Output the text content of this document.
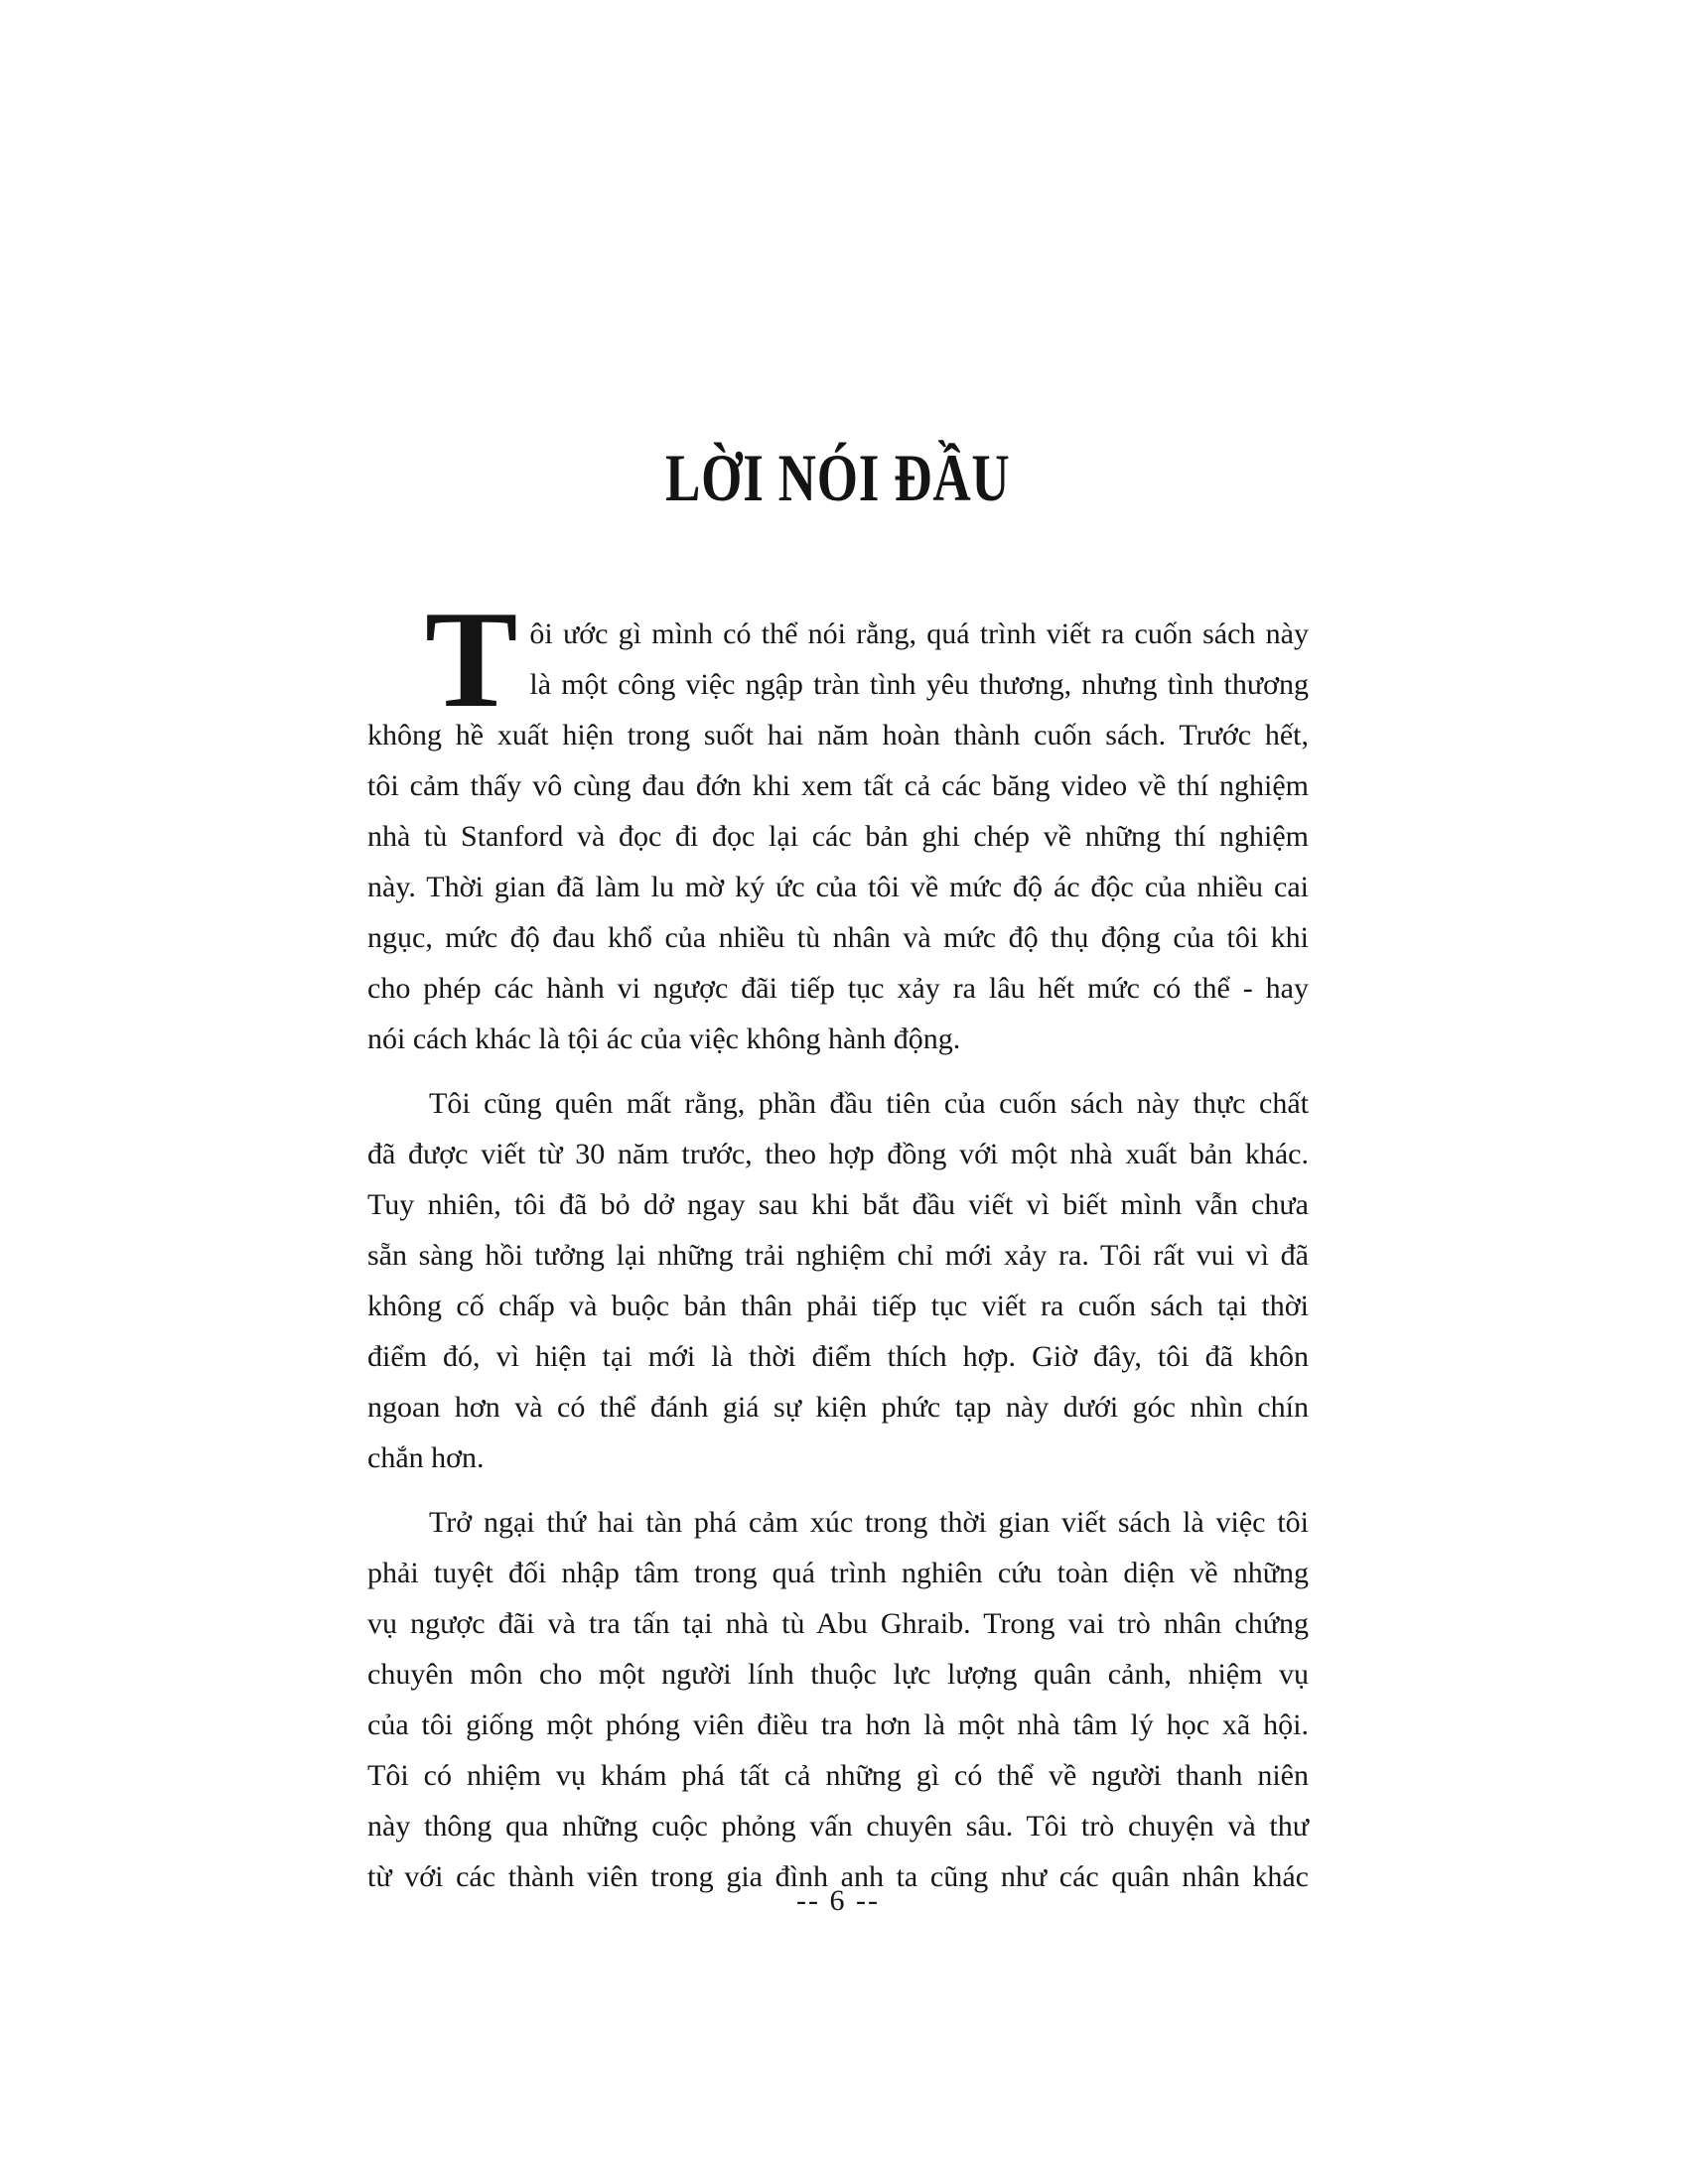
LỜI NÓI ĐẦU
T ôi ước gì mình có thể nói rằng, quá trình viết ra cuốn sách này
là một công việc ngập tràn tình yêu thương, nhưng tình thương
không hề xuất hiện trong suốt hai năm hoàn thành cuốn sách. Trước hết,
tôi cảm thấy vô cùng đau đớn khi xem tất cả các băng video về thí nghiệm
nhà tù Stanford và đọc đi đọc lại các bản ghi chép về những thí nghiệm
này. Thời gian đã làm lu mờ ký ức của tôi về mức độ ác độc của nhiều cai
ngục, mức độ đau khổ của nhiều tù nhân và mức độ thụ động của tôi khi
cho phép các hành vi ngược đãi tiếp tục xảy ra lâu hết mức có thể - hay
nói cách khác là tội ác của việc không hành động.
Tôi cũng quên mất rằng, phần đầu tiên của cuốn sách này thực chất
đã được viết từ 30 năm trước, theo hợp đồng với một nhà xuất bản khác.
Tuy nhiên, tôi đã bỏ dở ngay sau khi bắt đầu viết vì biết mình vẫn chưa
sẵn sàng hồi tưởng lại những trải nghiệm chỉ mới xảy ra. Tôi rất vui vì đã
không cố chấp và buộc bản thân phải tiếp tục viết ra cuốn sách tại thời
điểm đó, vì hiện tại mới là thời điểm thích hợp. Giờ đây, tôi đã khôn
ngoan hơn và có thể đánh giá sự kiện phức tạp này dưới góc nhìn chín
chắn hơn.
Trở ngại thứ hai tàn phá cảm xúc trong thời gian viết sách là việc tôi
phải tuyệt đối nhập tâm trong quá trình nghiên cứu toàn diện về những
vụ ngược đãi và tra tấn tại nhà tù Abu Ghraib. Trong vai trò nhân chứng
chuyên môn cho một người lính thuộc lực lượng quân cảnh, nhiệm vụ
của tôi giống một phóng viên điều tra hơn là một nhà tâm lý học xã hội.
Tôi có nhiệm vụ khám phá tất cả những gì có thể về người thanh niên
này thông qua những cuộc phỏng vấn chuyên sâu. Tôi trò chuyện và thư
từ với các thành viên trong gia đình anh ta cũng như các quân nhân khác
-- 6 --
